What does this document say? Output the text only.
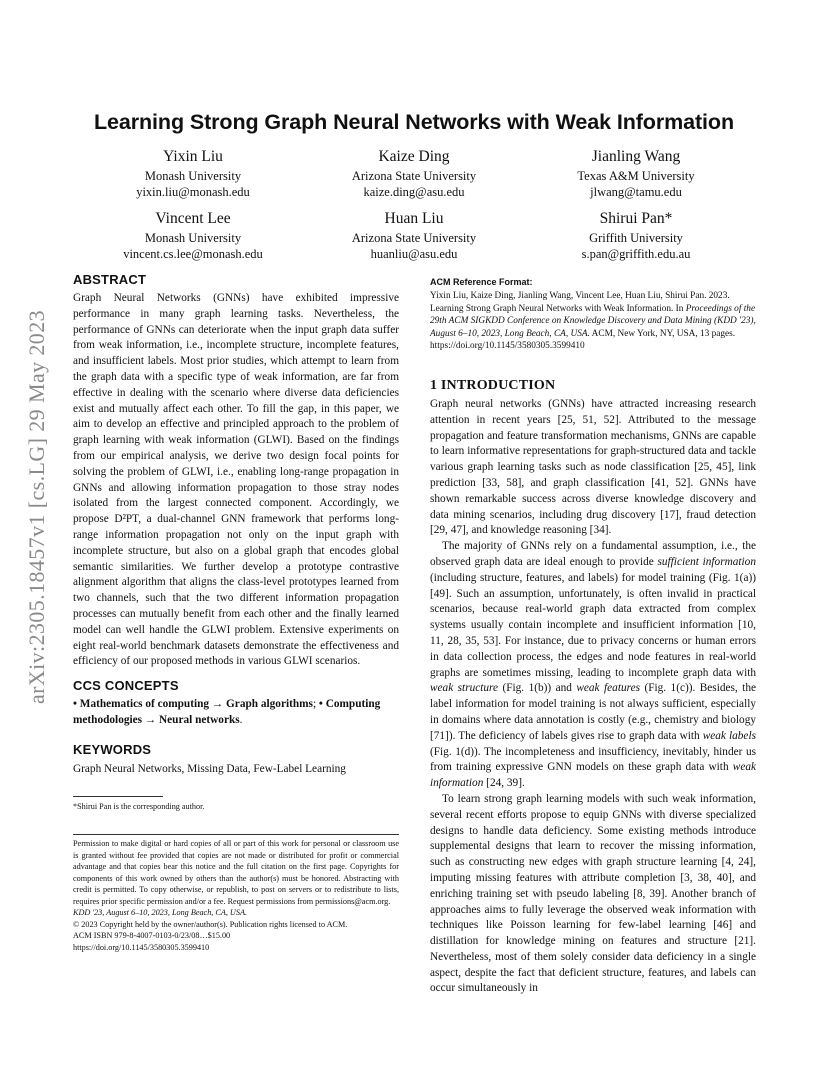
arXiv:2305.18457v1 [cs.LG] 29 May 2023
Learning Strong Graph Neural Networks with Weak Information
Yixin Liu
Monash University
yixin.liu@monash.edu
Kaize Ding
Arizona State University
kaize.ding@asu.edu
Jianling Wang
Texas A&M University
jlwang@tamu.edu
Vincent Lee
Monash University
vincent.cs.lee@monash.edu
Huan Liu
Arizona State University
huanliu@asu.edu
Shirui Pan*
Griffith University
s.pan@griffith.edu.au
ABSTRACT
Graph Neural Networks (GNNs) have exhibited impressive performance in many graph learning tasks. Nevertheless, the performance of GNNs can deteriorate when the input graph data suffer from weak information, i.e., incomplete structure, incomplete features, and insufficient labels. Most prior studies, which attempt to learn from the graph data with a specific type of weak information, are far from effective in dealing with the scenario where diverse data deficiencies exist and mutually affect each other. To fill the gap, in this paper, we aim to develop an effective and principled approach to the problem of graph learning with weak information (GLWI). Based on the findings from our empirical analysis, we derive two design focal points for solving the problem of GLWI, i.e., enabling long-range propagation in GNNs and allowing information propagation to those stray nodes isolated from the largest connected component. Accordingly, we propose D²PT, a dual-channel GNN framework that performs long-range information propagation not only on the input graph with incomplete structure, but also on a global graph that encodes global semantic similarities. We further develop a prototype contrastive alignment algorithm that aligns the class-level prototypes learned from two channels, such that the two different information propagation processes can mutually benefit from each other and the finally learned model can well handle the GLWI problem. Extensive experiments on eight real-world benchmark datasets demonstrate the effectiveness and efficiency of our proposed methods in various GLWI scenarios.
CCS CONCEPTS
• Mathematics of computing → Graph algorithms; • Computing methodologies → Neural networks.
KEYWORDS
Graph Neural Networks, Missing Data, Few-Label Learning
*Shirui Pan is the corresponding author.
Permission to make digital or hard copies of all or part of this work for personal or classroom use is granted without fee provided that copies are not made or distributed for profit or commercial advantage and that copies bear this notice and the full citation on the first page. Copyrights for components of this work owned by others than the author(s) must be honored. Abstracting with credit is permitted. To copy otherwise, or republish, to post on servers or to redistribute to lists, requires prior specific permission and/or a fee. Request permissions from permissions@acm.org.
KDD '23, August 6–10, 2023, Long Beach, CA, USA.
© 2023 Copyright held by the owner/author(s). Publication rights licensed to ACM.
ACM ISBN 979-8-4007-0103-0/23/08…$15.00
https://doi.org/10.1145/3580305.3599410
ACM Reference Format:
Yixin Liu, Kaize Ding, Jianling Wang, Vincent Lee, Huan Liu, Shirui Pan. 2023. Learning Strong Graph Neural Networks with Weak Information. In Proceedings of the 29th ACM SIGKDD Conference on Knowledge Discovery and Data Mining (KDD '23), August 6–10, 2023, Long Beach, CA, USA. ACM, New York, NY, USA, 13 pages. https://doi.org/10.1145/3580305.3599410
1 INTRODUCTION
Graph neural networks (GNNs) have attracted increasing research attention in recent years [25, 51, 52]. Attributed to the message propagation and feature transformation mechanisms, GNNs are capable to learn informative representations for graph-structured data and tackle various graph learning tasks such as node classification [25, 45], link prediction [33, 58], and graph classification [41, 52]. GNNs have shown remarkable success across diverse knowledge discovery and data mining scenarios, including drug discovery [17], fraud detection [29, 47], and knowledge reasoning [34].
The majority of GNNs rely on a fundamental assumption, i.e., the observed graph data are ideal enough to provide sufficient information (including structure, features, and labels) for model training (Fig. 1(a)) [49]. Such an assumption, unfortunately, is often invalid in practical scenarios, because real-world graph data extracted from complex systems usually contain incomplete and insufficient information [10, 11, 28, 35, 53]. For instance, due to privacy concerns or human errors in data collection process, the edges and node features in real-world graphs are sometimes missing, leading to incomplete graph data with weak structure (Fig. 1(b)) and weak features (Fig. 1(c)). Besides, the label information for model training is not always sufficient, especially in domains where data annotation is costly (e.g., chemistry and biology [71]). The deficiency of labels gives rise to graph data with weak labels (Fig. 1(d)). The incompleteness and insufficiency, inevitably, hinder us from training expressive GNN models on these graph data with weak information [24, 39].
To learn strong graph learning models with such weak information, several recent efforts propose to equip GNNs with diverse specialized designs to handle data deficiency. Some existing methods introduce supplemental designs that learn to recover the missing information, such as constructing new edges with graph structure learning [4, 24], imputing missing features with attribute completion [3, 38, 40], and enriching training set with pseudo labeling [8, 39]. Another branch of approaches aims to fully leverage the observed weak information with techniques like Poisson learning for few-label learning [46] and distillation for knowledge mining on features and structure [21]. Nevertheless, most of them solely consider data deficiency in a single aspect, despite the fact that deficient structure, features, and labels can occur simultaneously in
